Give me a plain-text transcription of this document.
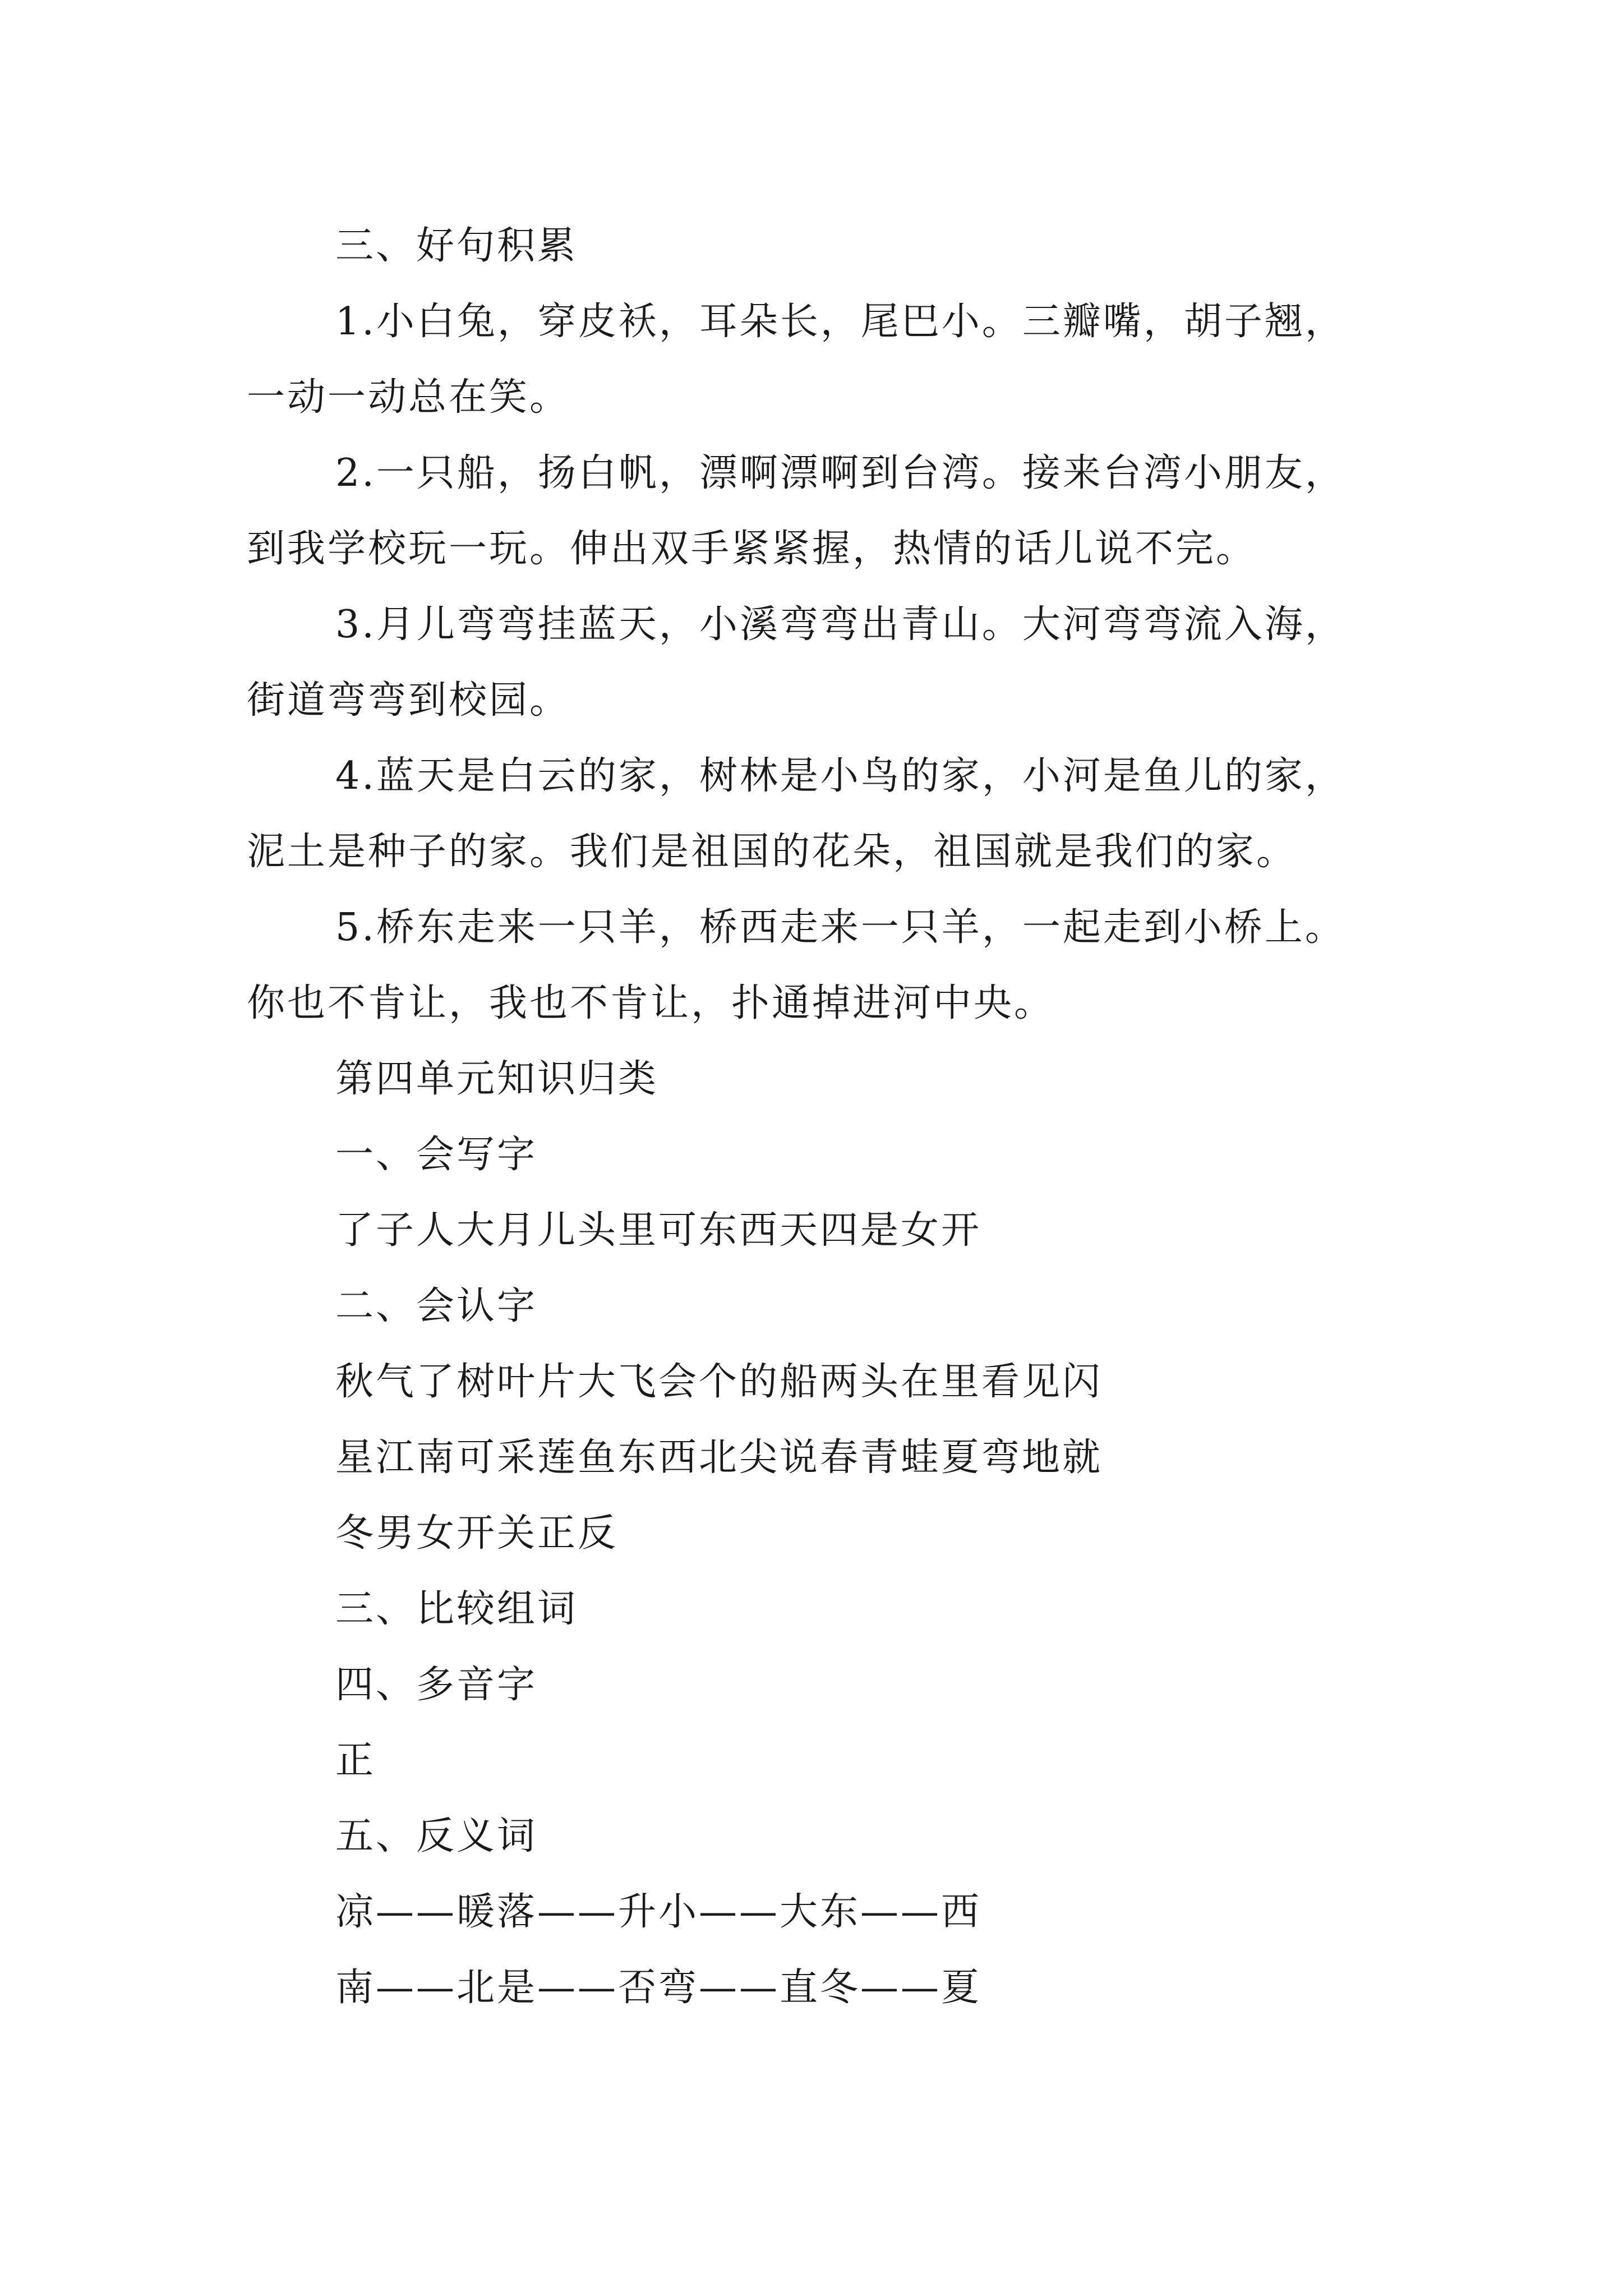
三、好句积累
1.小白兔，穿皮袄，耳朵长，尾巴小。三瓣嘴，胡子翘，
一动一动总在笑。
2.一只船，扬白帆，漂啊漂啊到台湾。接来台湾小朋友，
到我学校玩一玩。伸出双手紧紧握，热情的话儿说不完。
3.月儿弯弯挂蓝天，小溪弯弯出青山。大河弯弯流入海，
街道弯弯到校园。
4.蓝天是白云的家，树林是小鸟的家，小河是鱼儿的家，
泥土是种子的家。我们是祖国的花朵，祖国就是我们的家。
5.桥东走来一只羊，桥西走来一只羊，一起走到小桥上。
你也不肯让，我也不肯让，扑通掉进河中央。
第四单元知识归类
一、会写字
了子人大月儿头里可东西天四是女开
二、会认字
秋气了树叶片大飞会个的船两头在里看见闪
星江南可采莲鱼东西北尖说春青蛙夏弯地就
冬男女开关正反
三、比较组词
四、多音字
正
五、反义词
凉——暖落——升小——大东——西
南——北是——否弯——直冬——夏
